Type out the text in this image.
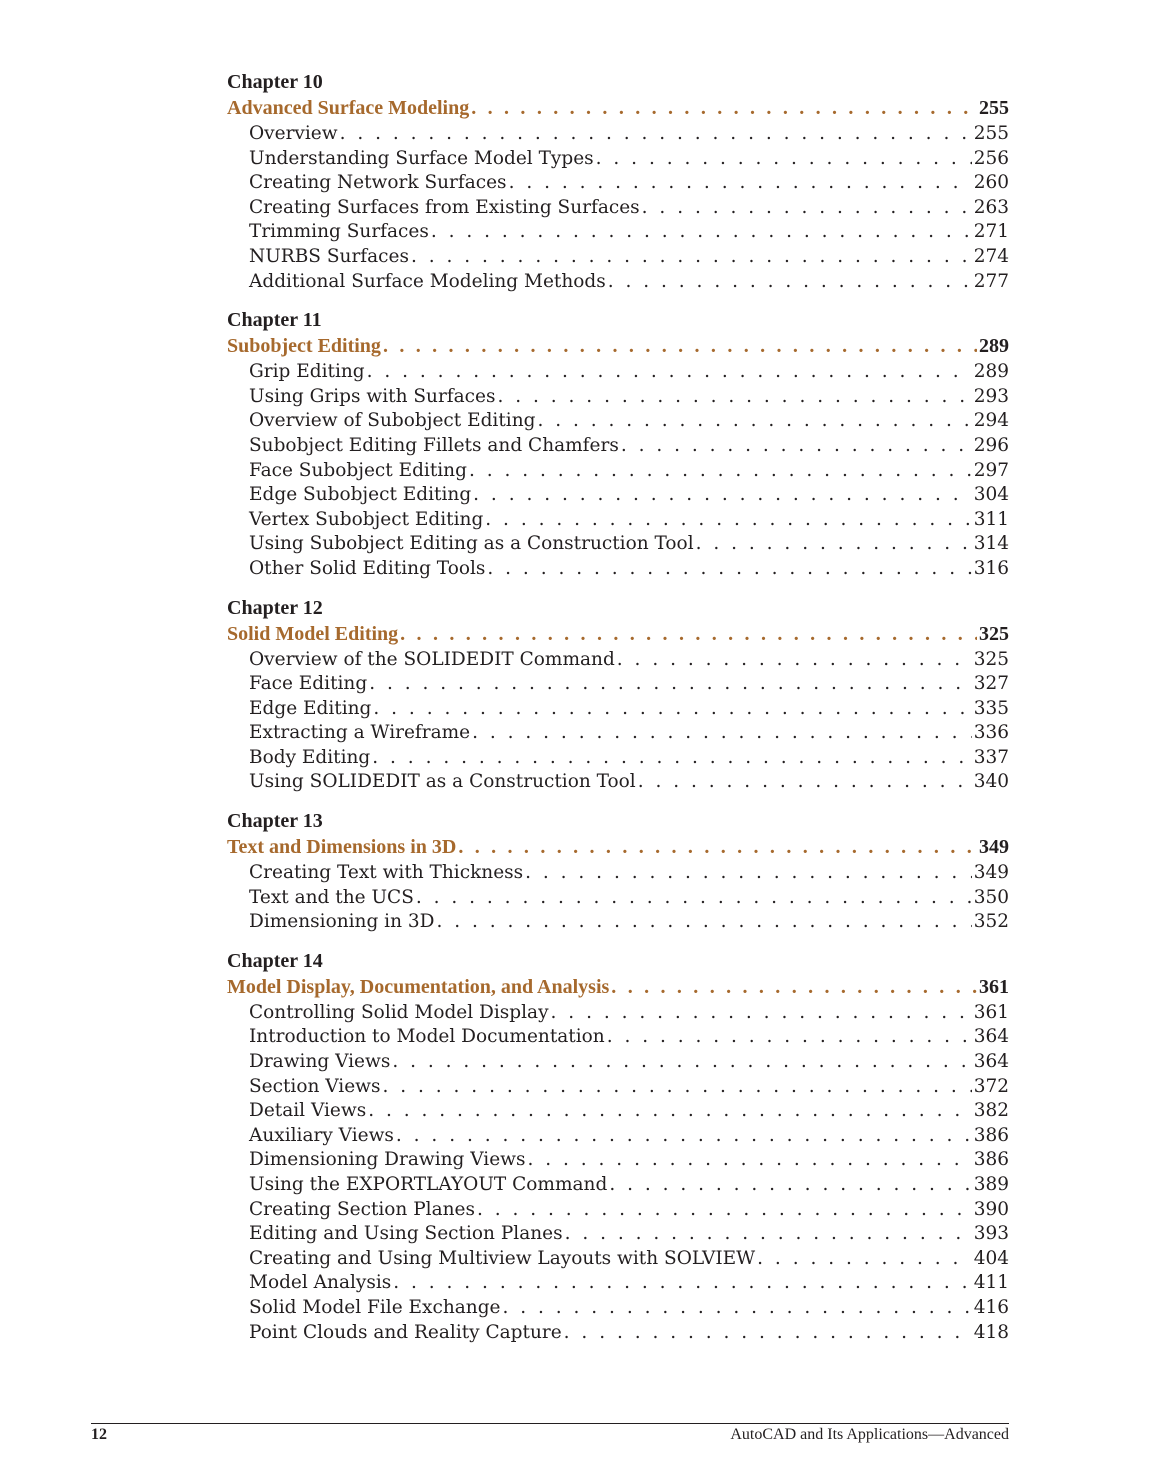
Chapter 10
Advanced Surface Modeling . . .	255
Overview . . .	255
Understanding Surface Model Types . . .	256
Creating Network Surfaces . . .	260
Creating Surfaces from Existing Surfaces . . .	263
Trimming Surfaces . . .	271
NURBS Surfaces . . .	274
Additional Surface Modeling Methods . . .	277
Chapter 11
Subobject Editing . . .	289
Grip Editing . . .	289
Using Grips with Surfaces . . .	293
Overview of Subobject Editing . . .	294
Subobject Editing Fillets and Chamfers . . .	296
Face Subobject Editing . . .	297
Edge Subobject Editing . . .	304
Vertex Subobject Editing . . .	311
Using Subobject Editing as a Construction Tool . . .	314
Other Solid Editing Tools . . .	316
Chapter 12
Solid Model Editing . . .	325
Overview of the SOLIDEDIT Command . . .	325
Face Editing . . .	327
Edge Editing . . .	335
Extracting a Wireframe . . .	336
Body Editing . . .	337
Using SOLIDEDIT as a Construction Tool . . .	340
Chapter 13
Text and Dimensions in 3D . . .	349
Creating Text with Thickness . . .	349
Text and the UCS . . .	350
Dimensioning in 3D . . .	352
Chapter 14
Model Display, Documentation, and Analysis . . .	361
Controlling Solid Model Display . . .	361
Introduction to Model Documentation . . .	364
Drawing Views . . .	364
Section Views . . .	372
Detail Views . . .	382
Auxiliary Views . . .	386
Dimensioning Drawing Views . . .	386
Using the EXPORTLAYOUT Command . . .	389
Creating Section Planes . . .	390
Editing and Using Section Planes . . .	393
Creating and Using Multiview Layouts with SOLVIEW . . .	404
Model Analysis . . .	411
Solid Model File Exchange . . .	416
Point Clouds and Reality Capture . . .	418
12	AutoCAD and Its Applications—Advanced
